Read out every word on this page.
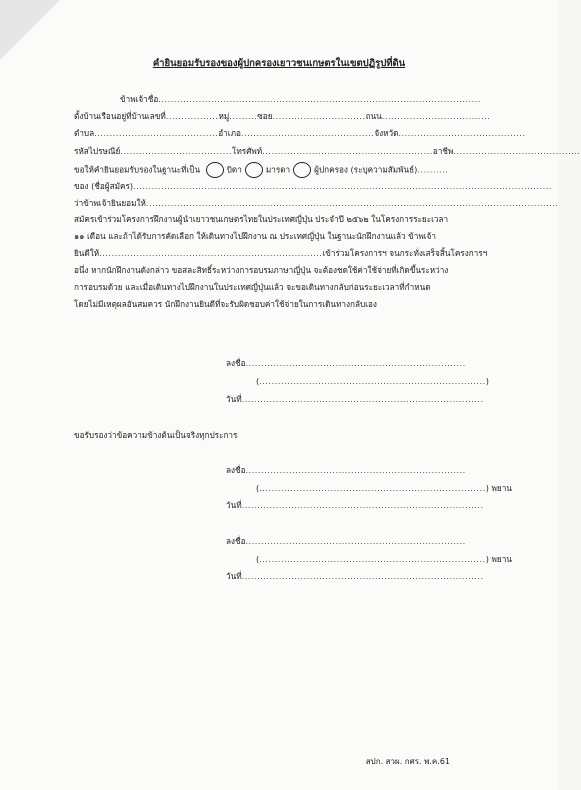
คำยินยอมรับรองของผู้ปกครองเยาวชนเกษตรในเขตปฏิรูปที่ดิน
ข้าพเจ้าชื่อ........................................................................................................
ตั้งบ้านเรือนอยู่ที่บ้านเลขที่.................หมู่.........ซอย..............................ถนน...................................
ตำบล........................................อำเภอ...........................................จังหวัด.........................................
รหัสไปรษณีย์....................................โทรศัพท์.......................................................อาชีพ.........................................
ขอให้คำยินยอมรับรองในฐานะที่เป็น	บิดา	มารดา	ผู้ปกครอง (ระบุความสัมพันธ์)..........
ของ (ชื่อผู้สมัคร).......................................................................................................................................
ว่าข้าพเจ้ายินยอมให้.....................................................................................................................................
สมัครเข้าร่วมโครงการฝึกงานผู้นำเยาวชนเกษตรไทยในประเทศญี่ปุ่น ประจำปี ๒๕๖๒ ในโครงการระยะเวลา
๑๑ เดือน และถ้าได้รับการคัดเลือก ให้เดินทางไปฝึกงาน ณ ประเทศญี่ปุ่น ในฐานะนักฝึกงานแล้ว ข้าพเจ้า
ยินดีให้........................................................................เข้าร่วมโครงการฯ จนกระทั่งเสร็จสิ้นโครงการฯ
อนึ่ง หากนักฝึกงานดังกล่าว ขอสละสิทธิ์ระหว่างการอบรมภาษาญี่ปุ่น จะต้องชดใช้ค่าใช้จ่ายที่เกิดขึ้นระหว่าง
การอบรมด้วย และเมื่อเดินทางไปฝึกงานในประเทศญี่ปุ่นแล้ว จะขอเดินทางกลับก่อนระยะเวลาที่กำหนด
โดยไม่มีเหตุผลอันสมควร นักฝึกงานยินดีที่จะรับผิดชอบค่าใช้จ่ายในการเดินทางกลับเอง
ลงชื่อ.......................................................................
(.........................................................................)
วันที่..............................................................................
ขอรับรองว่าข้อความข้างต้นเป็นจริงทุกประการ
ลงชื่อ.......................................................................
(.........................................................................) พยาน
วันที่..............................................................................
ลงชื่อ.......................................................................
(.........................................................................) พยาน
วันที่..............................................................................
สปก. สวผ. กศร. พ.ค.61
